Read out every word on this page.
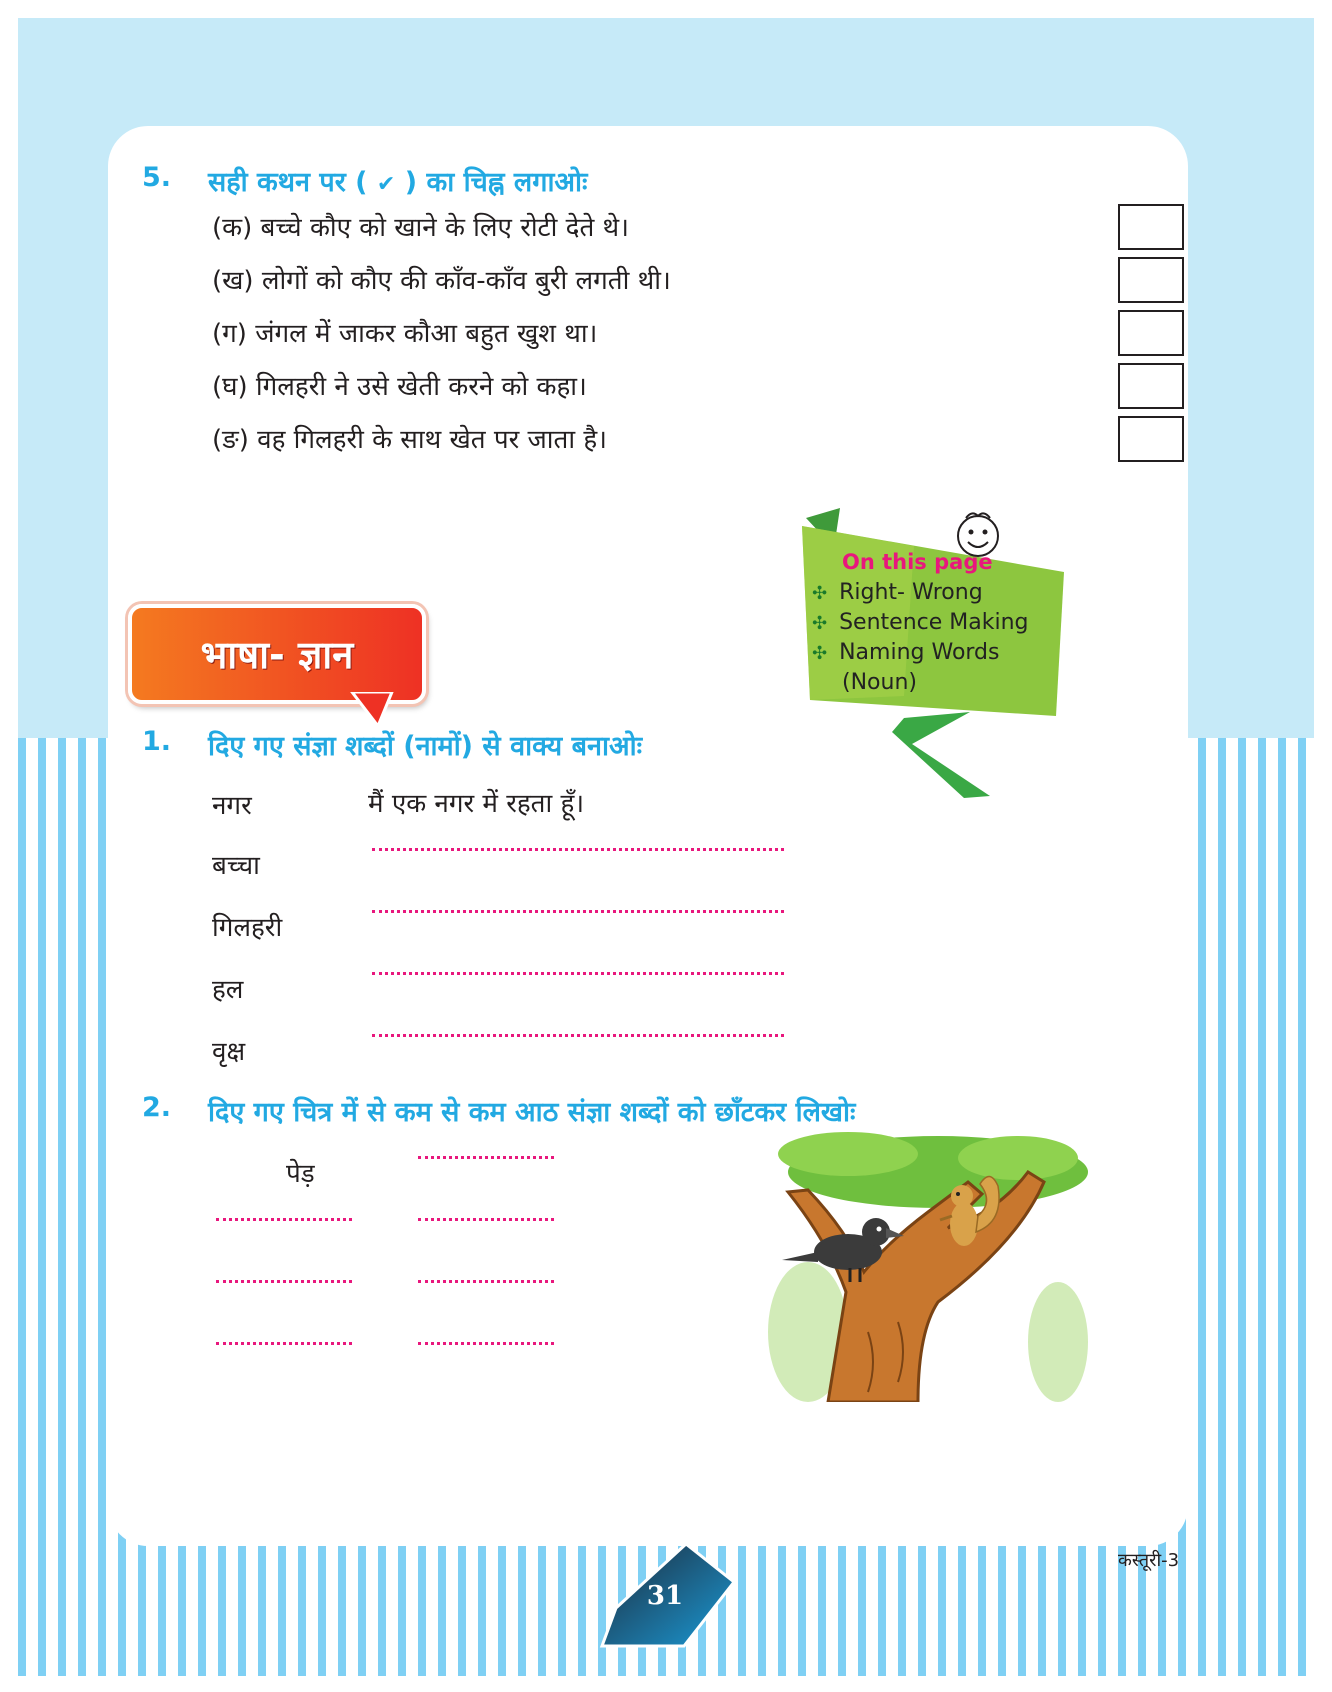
5. सही कथन पर ( ✔ ) का चिह्न लगाओः
(क) बच्चे कौए को खाने के लिए रोटी देते थे।
(ख) लोगों को कौए की काँव-काँव बुरी लगती थी।
(ग) जंगल में जाकर कौआ बहुत खुश था।
(घ) गिलहरी ने उसे खेती करने को कहा।
(ङ) वह गिलहरी के साथ खेत पर जाता है।
On this page
✣ Right- Wrong
✣ Sentence Making
✣ Naming Words
(Noun)
भाषा- ज्ञान
1. दिए गए संज्ञा शब्दों (नामों) से वाक्य बनाओः
नगर	मैं एक नगर में रहता हूँ।
बच्चा
गिलहरी
हल
वृक्ष
2. दिए गए चित्र में से कम से कम आठ संज्ञा शब्दों को छाँटकर लिखोः
पेड़
31
कस्तूरी-3
